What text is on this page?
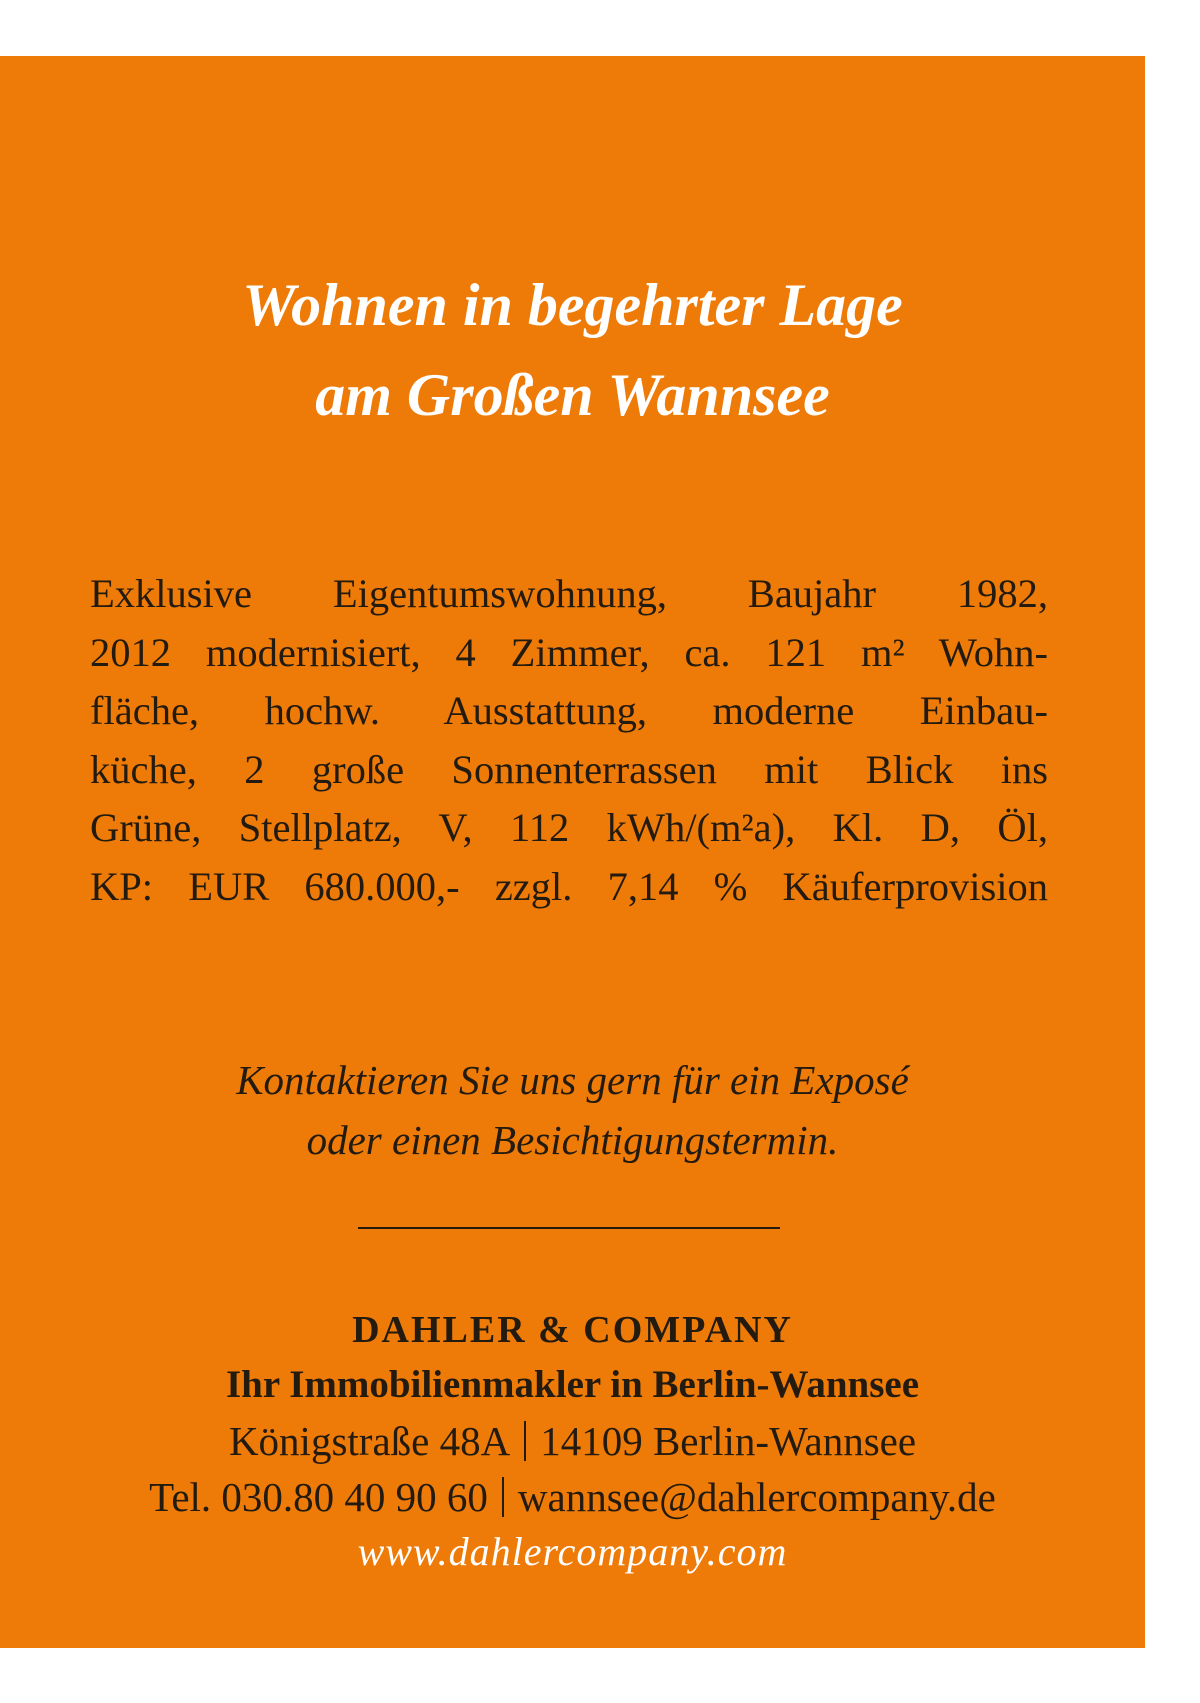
Wohnen in begehrter Lage
am Großen Wannsee

Exklusive Eigentumswohnung, Baujahr 1982,
2012 modernisiert, 4 Zimmer, ca. 121 m² Wohn-
fläche, hochw. Ausstattung, moderne Einbau-
küche, 2 große Sonnenterrassen mit Blick ins
Grüne, Stellplatz, V, 112 kWh/(m²a), Kl. D, Öl,
KP: EUR 680.000,- zzgl. 7,14 % Käuferprovision

Kontaktieren Sie uns gern für ein Exposé
oder einen Besichtigungstermin.

DAHLER & COMPANY
Ihr Immobilienmakler in Berlin-Wannsee
Königstraße 48A 14109 Berlin-Wannsee
Tel. 030.80 40 90 60 wannsee@dahlercompany.de
www.dahlercompany.com
